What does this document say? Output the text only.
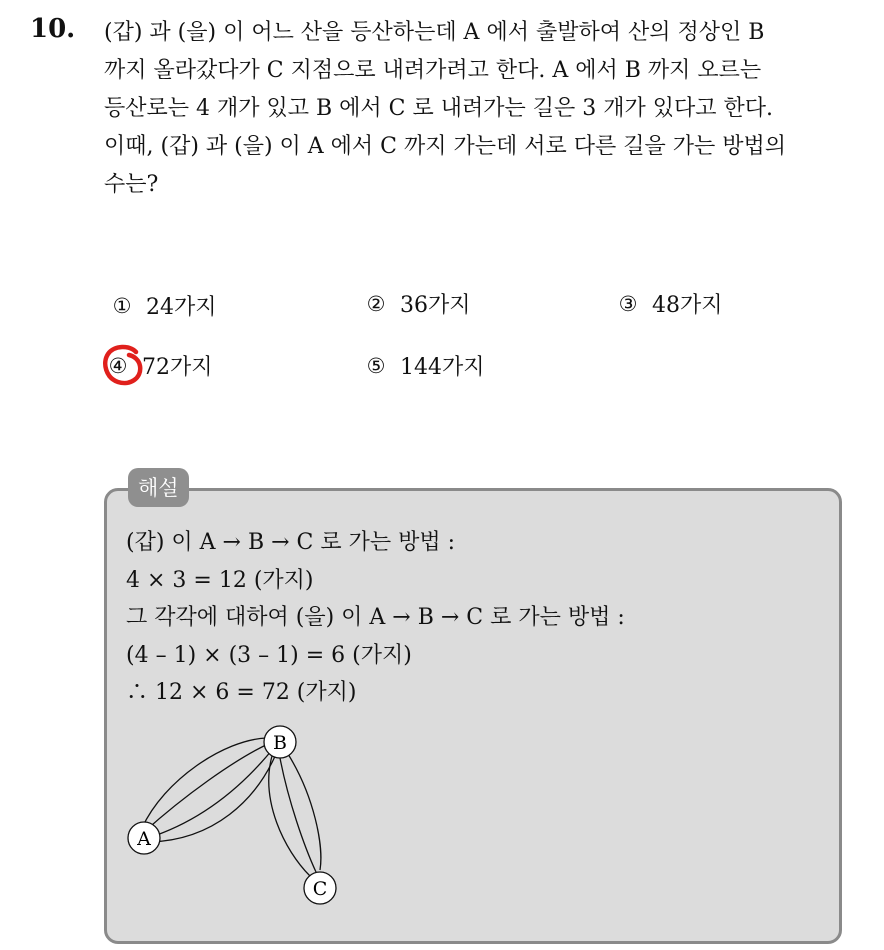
10. (갑) 과 (을) 이 어느 산을 등산하는데 A 에서 출발하여 산의 정상인 B
까지 올라갔다가 C 지점으로 내려가려고 한다. A 에서 B 까지 오르는
등산로는 4 개가 있고 B 에서 C 로 내려가는 길은 3 개가 있다고 한다.
이때, (갑) 과 (을) 이 A 에서 C 까지 가는데 서로 다른 길을 가는 방법의
수는?
① 24가지	② 36가지	③ 48가지
④ 72가지	⑤ 144가지
해설
(갑) 이 A → B → C 로 가는 방법 :
4 × 3 = 12 (가지)
그 각각에 대하여 (을) 이 A → B → C 로 가는 방법 :
(4 – 1) × (3 – 1) = 6 (가지)
∴ 12 × 6 = 72 (가지)
B
A
C
